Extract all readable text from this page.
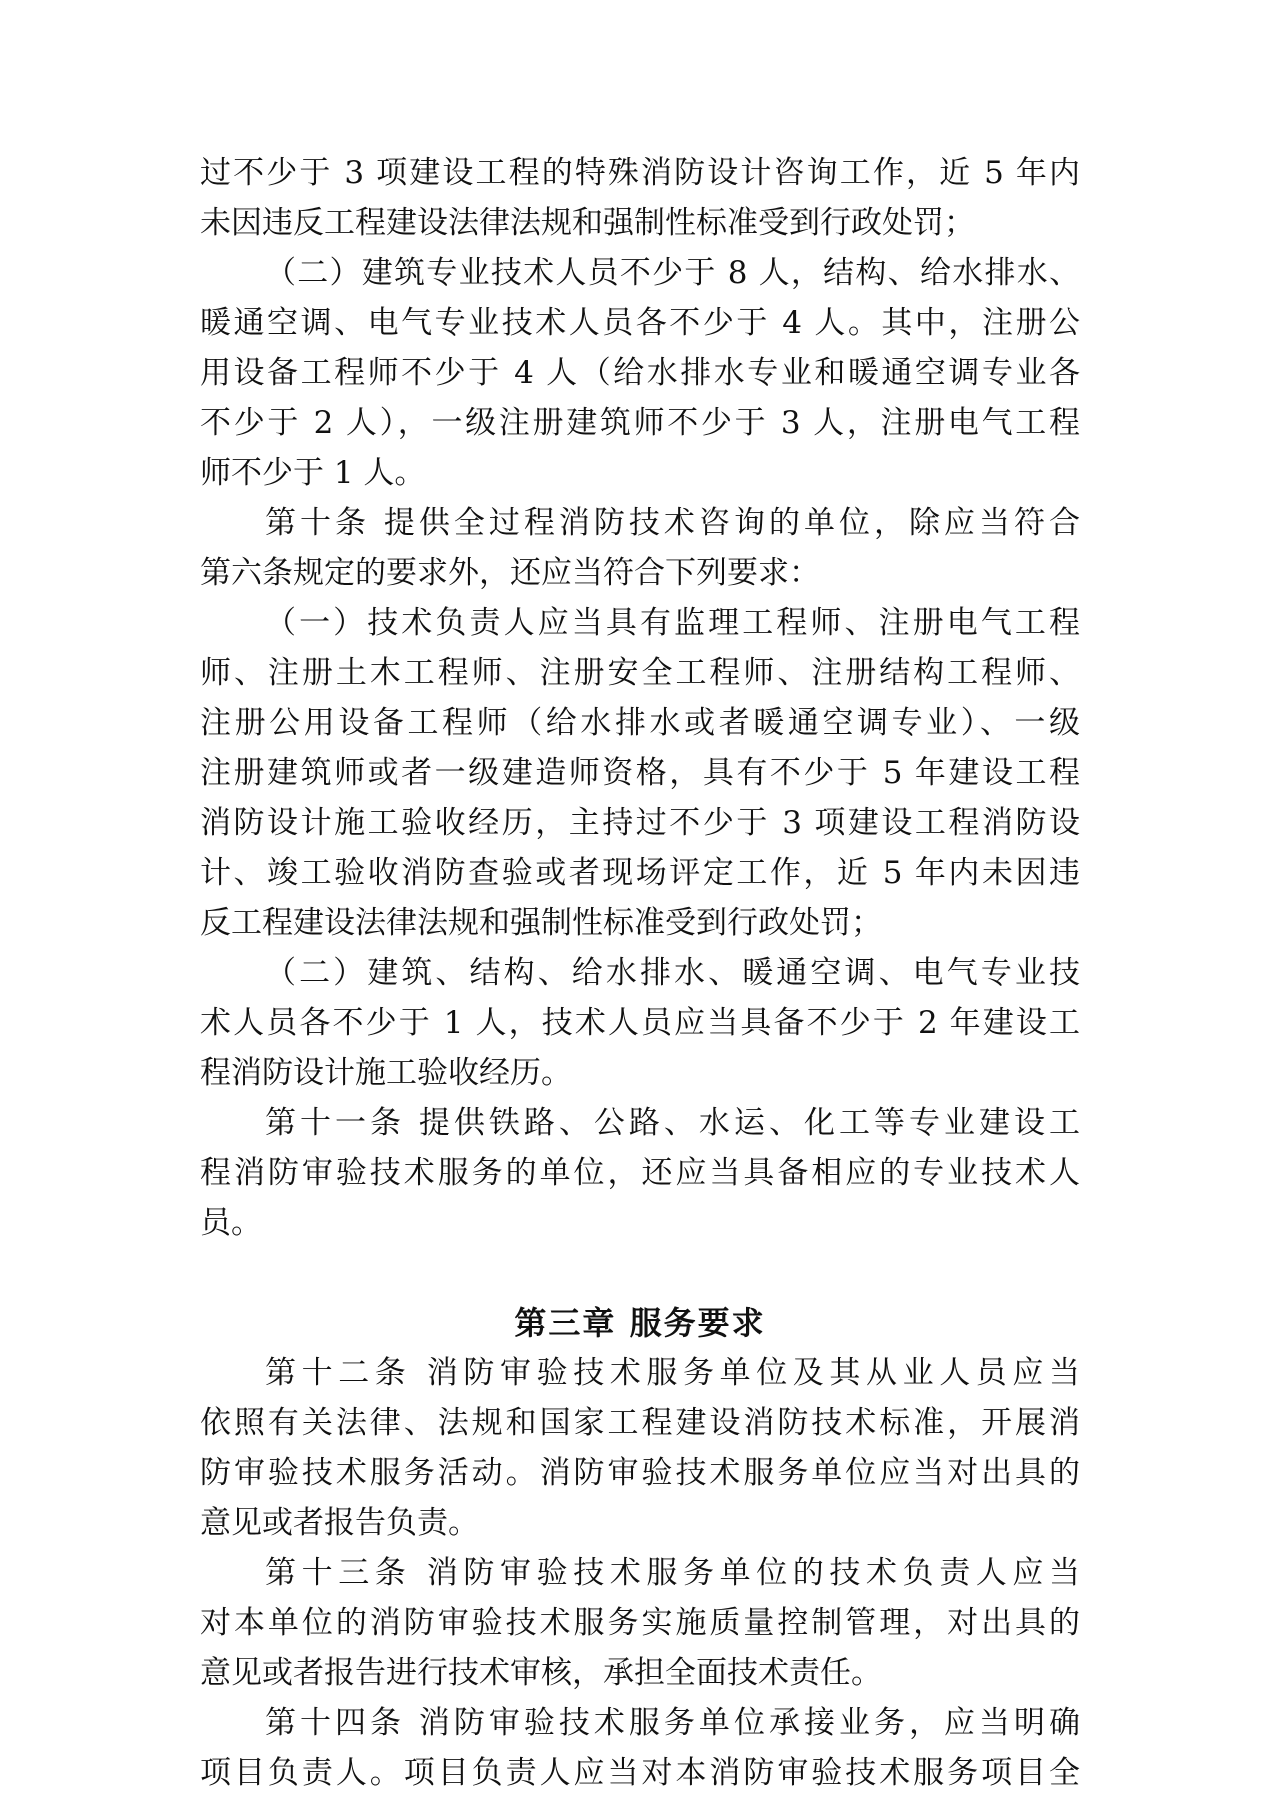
过不少于 3 项建设工程的特殊消防设计咨询工作，近 5 年内
未因违反工程建设法律法规和强制性标准受到行政处罚；
（二）建筑专业技术人员不少于 8 人，结构、给水排水、
暖通空调、电气专业技术人员各不少于 4 人。其中，注册公
用设备工程师不少于 4 人（给水排水专业和暖通空调专业各
不少于 2 人），一级注册建筑师不少于 3 人，注册电气工程
师不少于 1 人。
第十条 提供全过程消防技术咨询的单位，除应当符合
第六条规定的要求外，还应当符合下列要求：
（一）技术负责人应当具有监理工程师、注册电气工程
师、注册土木工程师、注册安全工程师、注册结构工程师、
注册公用设备工程师（给水排水或者暖通空调专业）、一级
注册建筑师或者一级建造师资格，具有不少于 5 年建设工程
消防设计施工验收经历，主持过不少于 3 项建设工程消防设
计、竣工验收消防查验或者现场评定工作，近 5 年内未因违
反工程建设法律法规和强制性标准受到行政处罚；
（二）建筑、结构、给水排水、暖通空调、电气专业技
术人员各不少于 1 人，技术人员应当具备不少于 2 年建设工
程消防设计施工验收经历。
第十一条 提供铁路、公路、水运、化工等专业建设工
程消防审验技术服务的单位，还应当具备相应的专业技术人
员。
第三章 服务要求
第十二条 消防审验技术服务单位及其从业人员应当
依照有关法律、法规和国家工程建设消防技术标准，开展消
防审验技术服务活动。消防审验技术服务单位应当对出具的
意见或者报告负责。
第十三条 消防审验技术服务单位的技术负责人应当
对本单位的消防审验技术服务实施质量控制管理，对出具的
意见或者报告进行技术审核，承担全面技术责任。
第十四条 消防审验技术服务单位承接业务，应当明确
项目负责人。项目负责人应当对本消防审验技术服务项目全
